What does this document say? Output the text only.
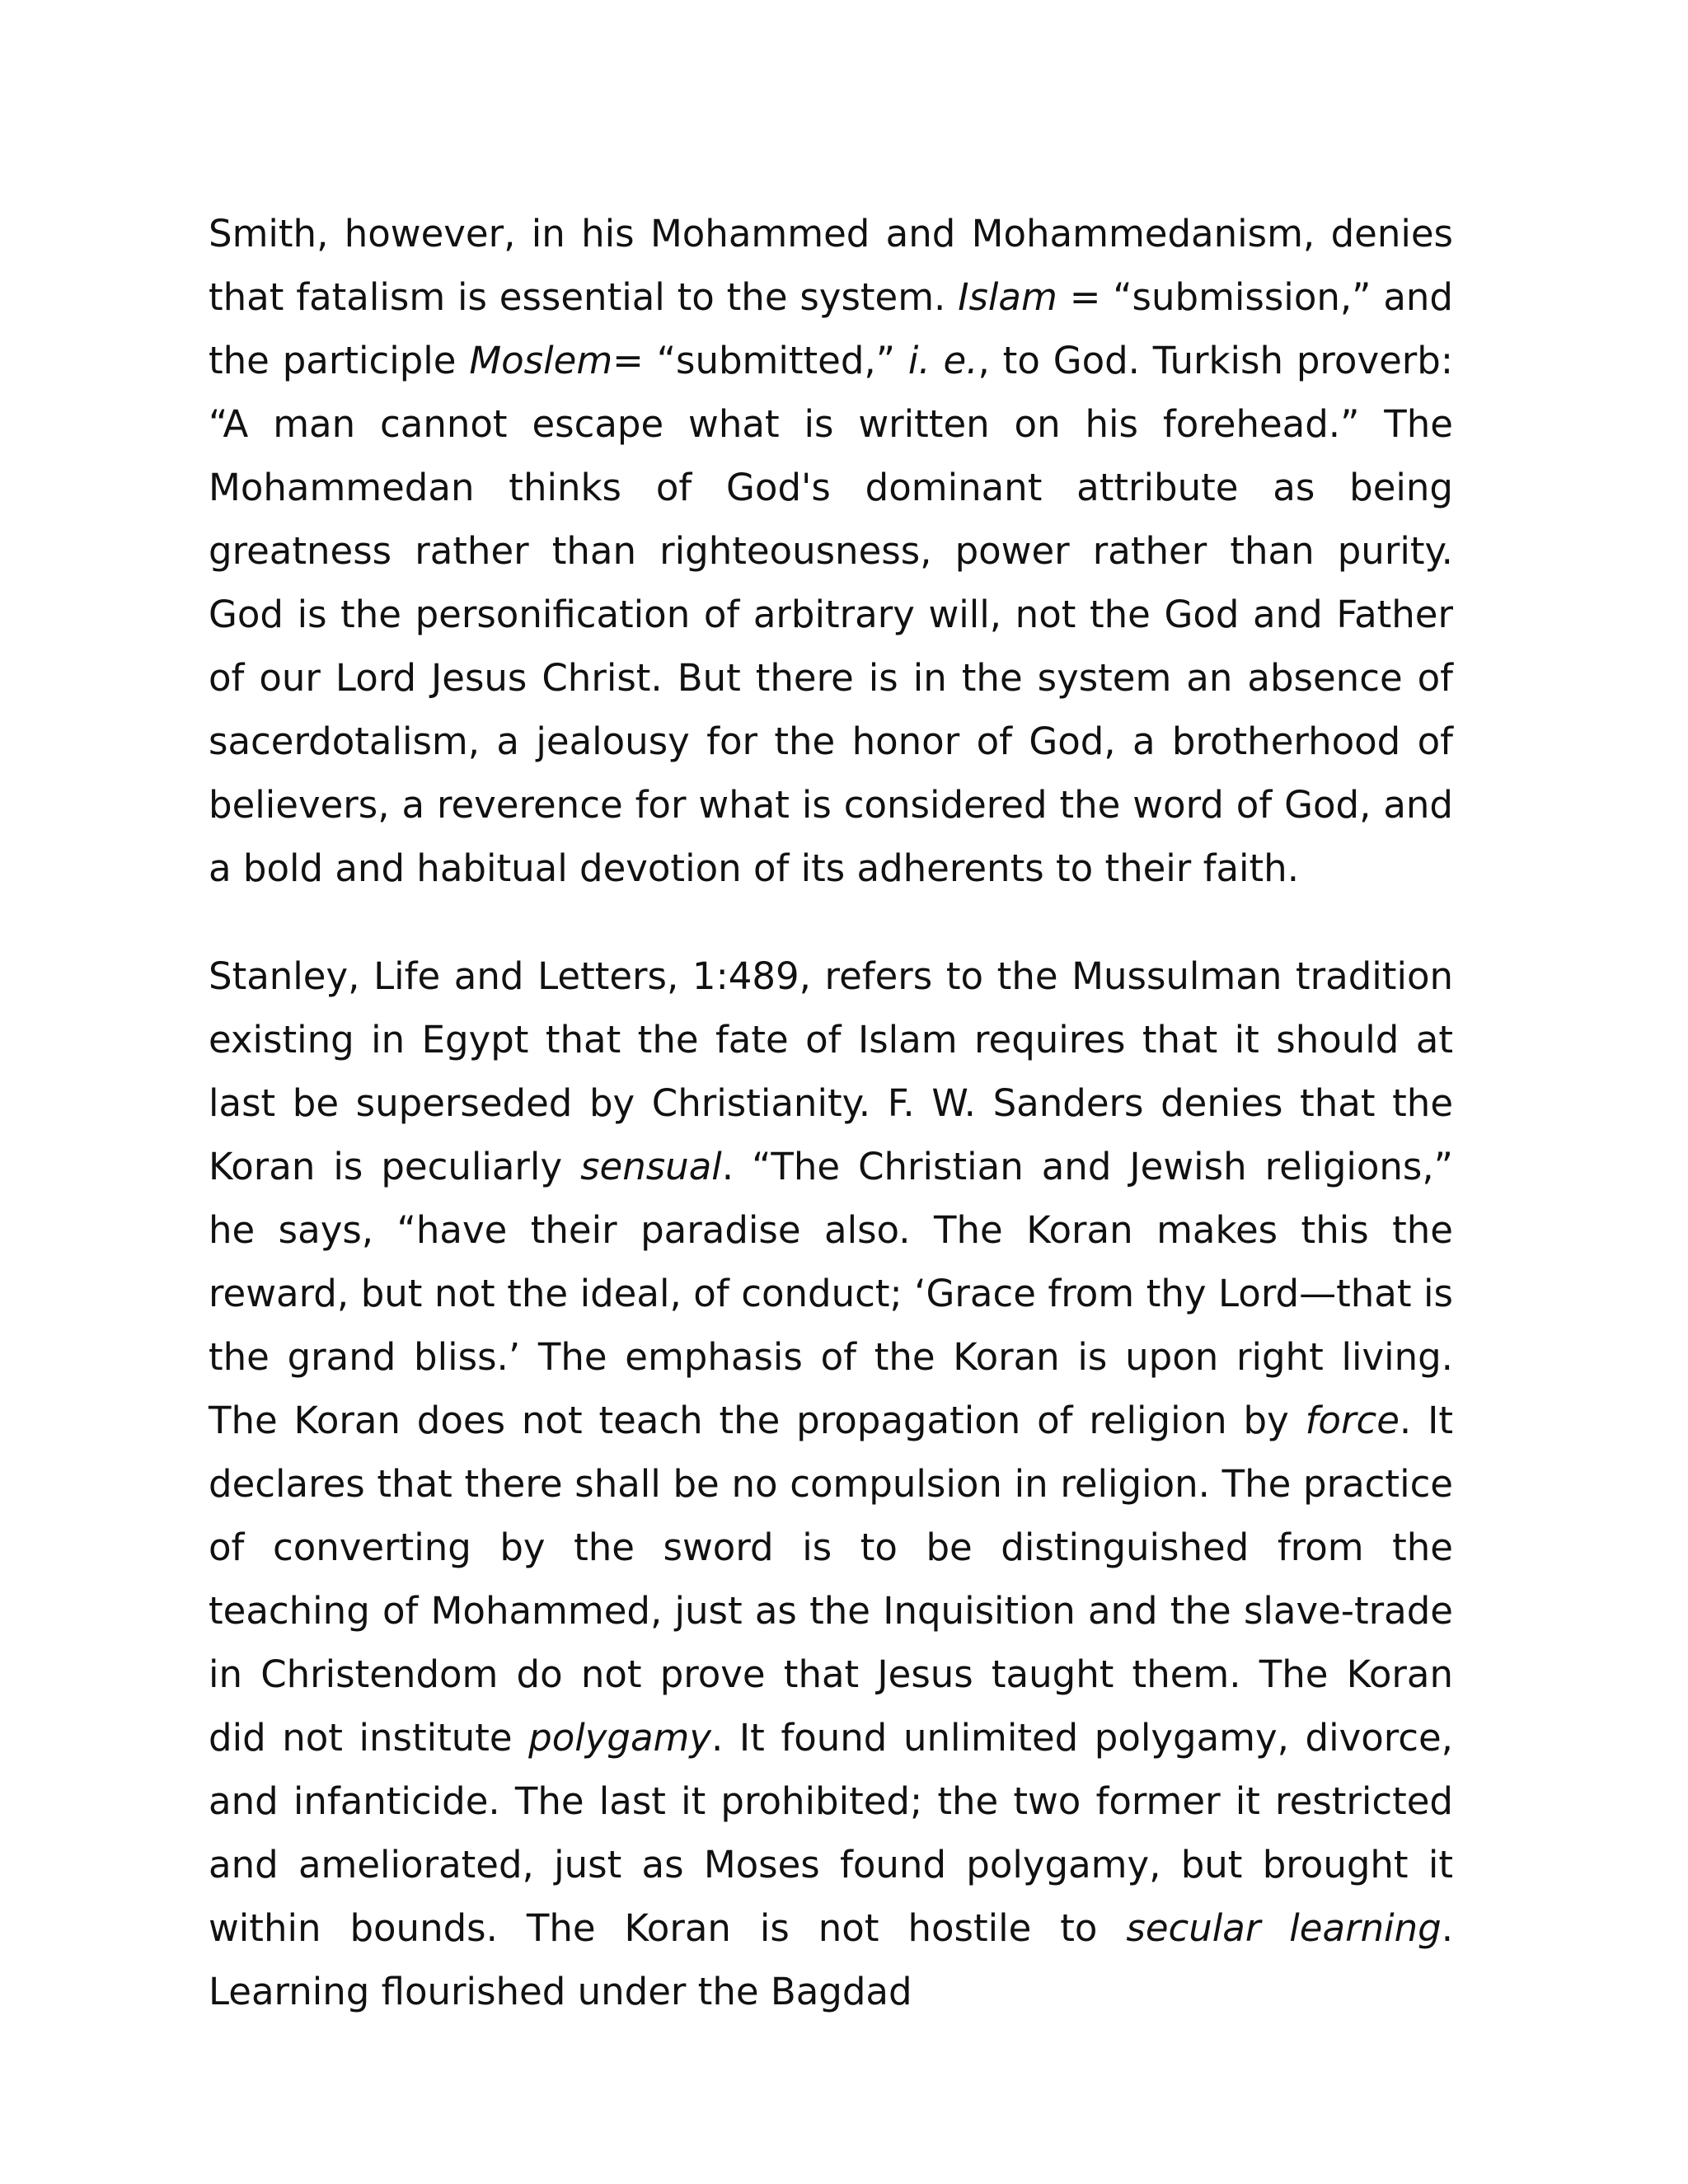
Smith, however, in his Mohammed and Mohammedanism, denies that fatalism is essential to the system. Islam = “submission,” and the participle Moslem= “submitted,” i. e., to God. Turkish proverb: “A man cannot escape what is written on his forehead.” The Mohammedan thinks of God's dominant attribute as being greatness rather than righteousness, power rather than purity. God is the personification of arbitrary will, not the God and Father of our Lord Jesus Christ. But there is in the system an absence of sacerdotalism, a jealousy for the honor of God, a brotherhood of believers, a reverence for what is considered the word of God, and a bold and habitual devotion of its adherents to their faith.

Stanley, Life and Letters, 1:489, refers to the Mussulman tradition existing in Egypt that the fate of Islam requires that it should at last be superseded by Christianity. F. W. Sanders denies that the Koran is peculiarly sensual. “The Christian and Jewish religions,” he says, “have their paradise also. The Koran makes this the reward, but not the ideal, of conduct; ‘Grace from thy Lord—that is the grand bliss.’ The emphasis of the Koran is upon right living. The Koran does not teach the propagation of religion by force. It declares that there shall be no compulsion in religion. The practice of converting by the sword is to be distinguished from the teaching of Mohammed, just as the Inquisition and the slave-trade in Christendom do not prove that Jesus taught them. The Koran did not institute polygamy. It found unlimited polygamy, divorce, and infanticide. The last it prohibited; the two former it restricted and ameliorated, just as Moses found polygamy, but brought it within bounds. The Koran is not hostile to secular learning. Learning flourished under the Bagdad
